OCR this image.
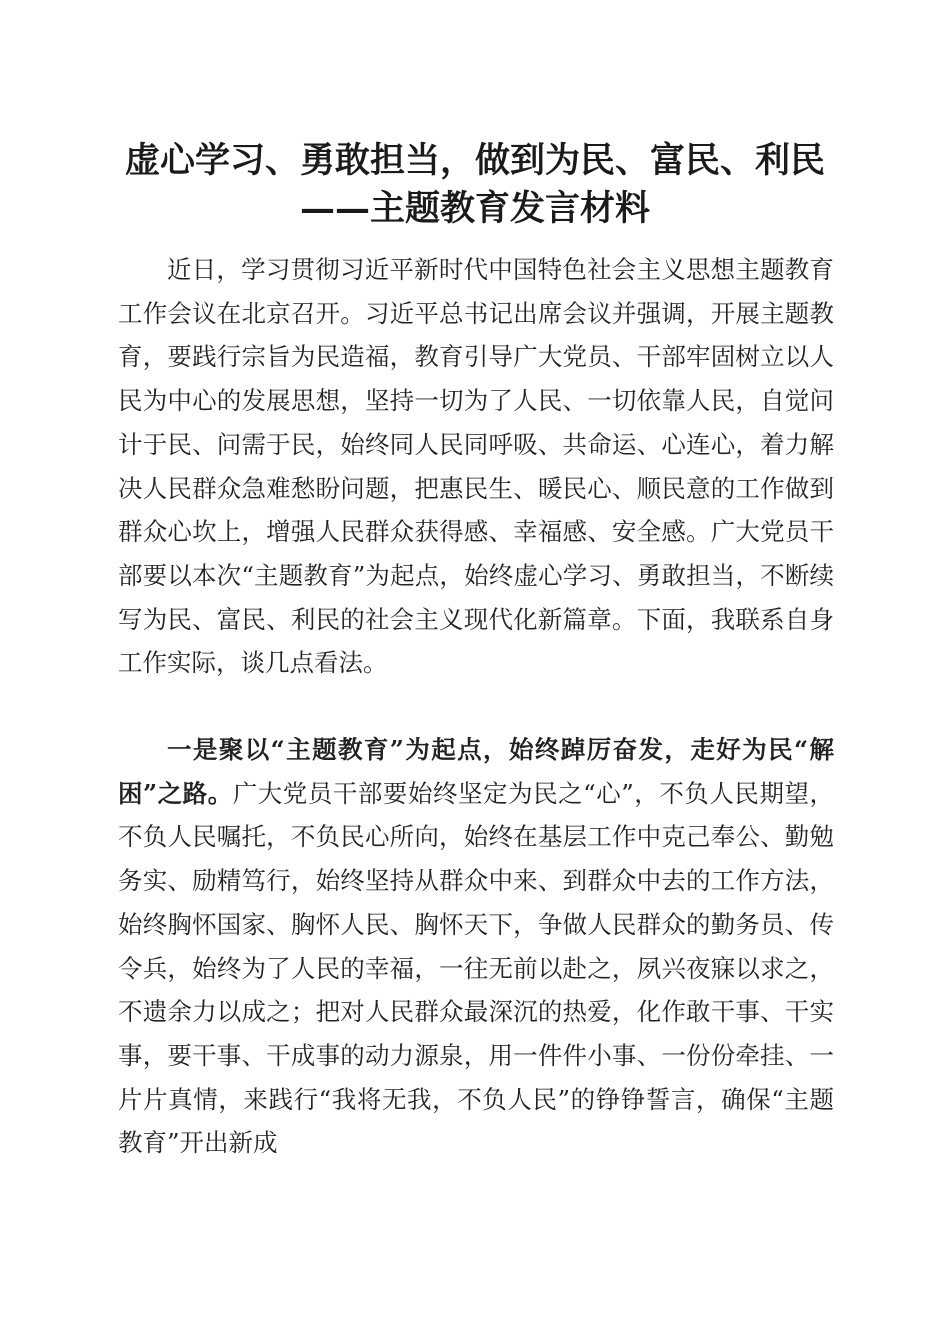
虚心学习、勇敢担当，做到为民、富民、利民
——主题教育发言材料

近日，学习贯彻习近平新时代中国特色社会主义思想主题教育工作会议在北京召开。习近平总书记出席会议并强调，开展主题教育，要践行宗旨为民造福，教育引导广大党员、干部牢固树立以人民为中心的发展思想，坚持一切为了人民、一切依靠人民，自觉问计于民、问需于民，始终同人民同呼吸、共命运、心连心，着力解决人民群众急难愁盼问题，把惠民生、暖民心、顺民意的工作做到群众心坎上，增强人民群众获得感、幸福感、安全感。广大党员干部要以本次“主题教育”为起点，始终虚心学习、勇敢担当，不断续写为民、富民、利民的社会主义现代化新篇章。下面，我联系自身工作实际，谈几点看法。

一是聚以“主题教育”为起点，始终踔厉奋发，走好为民“解困”之路。广大党员干部要始终坚定为民之“心”，不负人民期望，不负人民嘱托，不负民心所向，始终在基层工作中克己奉公、勤勉务实、励精笃行，始终坚持从群众中来、到群众中去的工作方法，始终胸怀国家、胸怀人民、胸怀天下，争做人民群众的勤务员、传令兵，始终为了人民的幸福，一往无前以赴之，夙兴夜寐以求之，不遗余力以成之；把对人民群众最深沉的热爱，化作敢干事、干实事，要干事、干成事的动力源泉，用一件件小事、一份份牵挂、一片片真情，来践行“我将无我，不负人民”的铮铮誓言，确保“主题教育”开出新成
